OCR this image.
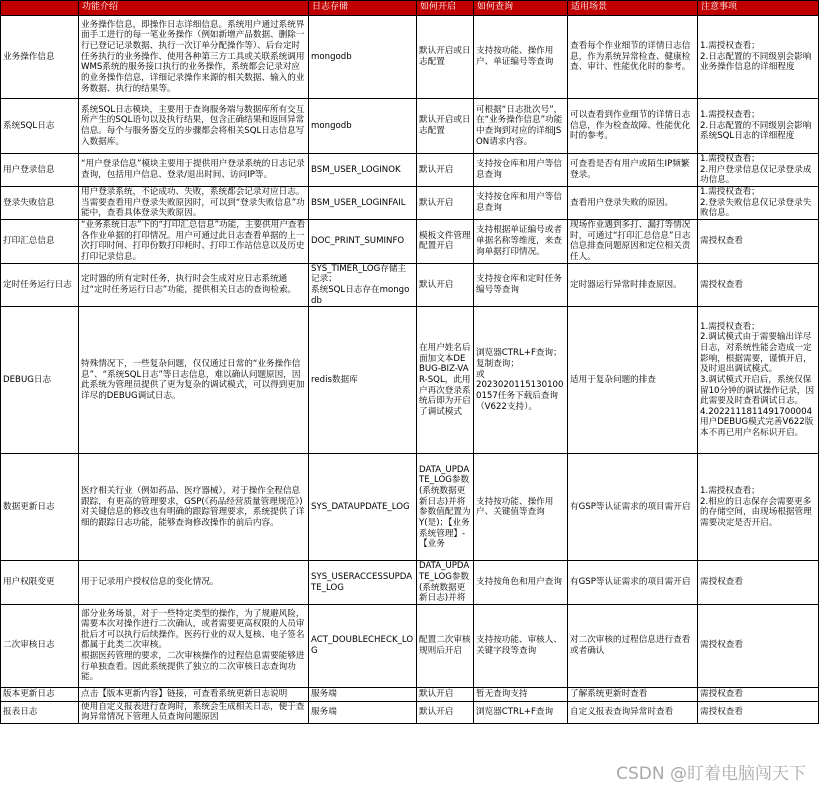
	功能介绍	日志存储	如何开启	如何查询	适用场景	注意事项
业务操作信息	业务操作信息，即操作日志详细信息。系统用户通过系统界面手工进行的每一笔业务操作（例如新增产品数据、删除一行已登记记录数据、执行一次订单分配操作等）、后台定时任务执行的业务操作、使用各种第三方工具或关联系统调用WMS系统的服务接口执行的业务操作，系统都会记录对应的业务操作信息，详细记录操作来源的相关数据、输入的业务数据、执行的结果等。	mongodb	默认开启或日志配置	支持按功能、操作用户、单证编号等查询	查看每个作业细节的详情日志信息，作为系统异常检查、健康检查、审计、性能优化时的参考。	1.需授权查看；
2.日志配置的不同级别会影响业务操作信息的详细程度
系统SQL日志	系统SQL日志模块，主要用于查询服务端与数据库所有交互所产生的SQL语句以及执行结果，包含正确结果和返回异常信息。每个与服务器交互的步骤都会将相关SQL日志信息写入数据库。	mongodb	默认开启或日志配置	可根据“日志批次号”，在“业务操作信息”功能中查询到对应的详细JSON请求内容。	可以查看到作业细节的详情日志信息，作为检查故障、性能优化时的参考。	1.需授权查看；
2.日志配置的不同级别会影响系统SQL日志的详细程度
用户登录信息	“用户登录信息”模块主要用于提供用户登录系统的日志记录查询，包括用户信息、登录/退出时间、访问IP等。	BSM_USER_LOGINOK	默认开启	支持按仓库和用户等信息查询	可查看是否有用户或陌生IP频繁登录。	1.需授权查看；
2.用户登录信息仅记录登录成功信息。
登录失败信息	用户登录系统，不论成功、失败，系统都会记录对应日志。当需要查看用户登录失败原因时，可以到“登录失败信息”功能中，查看具体登录失败原因。	BSM_USER_LOGINFAIL	默认开启	支持按仓库和用户等信息查询	查看用户登录失败的原因。	1.需授权查看；
2.登录失败信息仅记录登录失败信息。
打印汇总信息	“业务系统日志”下的“打印汇总信息”功能，主要供用户查看各作业单据的打印情况。用户可通过此日志查看单据的上一次打印时间、打印份数打印耗时、打印工作站信息以及历史打印记录信息。	DOC_PRINT_SUMINFO	模板文件管理配置开启	支持根据单证编号或者单据名称等维度，来查询单据打印情况。	现场作业遇到多打、漏打等情况时，可通过“打印汇总信息”日志信息排查问题原因和定位相关责任人。	需授权查看
定时任务运行日志	定时器的所有定时任务，执行时会生成对应日志系统通过“定时任务运行日志”功能，提供相关日志的查询检索。	SYS_TIMER_LOG存储主记录；
系统SQL日志存在mongodb	默认开启	支持按仓库和定时任务编号等查询	定时器运行异常时排查原因。	需授权查看
DEBUG日志	特殊情况下，一些复杂问题，仅仅通过日常的“业务操作信息”、“系统SQL日志”等日志信息，难以确认问题原因，因此系统为管理员提供了更为复杂的调试模式，可以得到更加详尽的DEBUG调试日志。	redis数据库	在用户姓名后面加文本DEBUG-BIZ-VAR-SQL，此用户再次登录系统后即为开启了调试模式	浏览器CTRL+F查询；
复制查询；
或
20230201151301000157任务下载后查询（V622支持）。	适用于复杂问题的排查	1.需授权查看；
2.调试模式由于需要输出详尽日志，对系统性能会造成一定影响，根据需要，谨慎开启，及时退出调试模式。
3.调试模式开启后，系统仅保留10分钟的调试操作记录，因此需要及时查看调试日志。
4.2022111811491700004用户DEBUG模式完善V622版本不再已用户名标识开启。
数据更新日志	医疗相关行业（例如药品、医疗器械），对于操作全程信息跟踪，有更高的管理要求，GSP(《药品经营质量管理规范》)对关键信息的修改也有明确的跟踪管理要求，系统提供了详细的跟踪日志功能，能够查询修改操作的前后内容。	SYS_DATAUPDATE_LOG	DATA_UPDATE_LOG参数(系统数据更新日志)并将参数值配置为Y(是)；【业务系统管理】-【业务	支持按功能、操作用户、关键值等查询	有GSP等认证需求的项目需开启	1.需授权查看；
2.相应的日志保存会需要更多的存储空间，由现场根据管理需要决定是否开启。
用户权限变更	用于记录用户授权信息的变化情况。	SYS_USERACCESSUPDATE_LOG	DATA_UPDATE_LOG参数(系统数据更新日志)并将	支持按角色和用户查询	有GSP等认证需求的项目需开启	需授权查看
二次审核日志	部分业务场景，对于一些特定类型的操作，为了规避风险，需要本次对操作进行二次确认，或者需要更高权限的人员审批后才可以执行后续操作。医药行业的双人复核、电子签名都属于此类二次审核。
根据医药管理的要求，二次审核操作的过程信息需要能够进行单独查看。因此系统提供了独立的二次审核日志查询功能。	ACT_DOUBLECHECK_LOG	配置二次审核规则后开启	支持按功能、审核人、关键字段等查询	对二次审核的过程信息进行查看或者确认	需授权查看
版本更新日志	点击【版本更新内容】链接，可查看系统更新日志说明	服务端	默认开启	暂无查询支持	了解系统更新时查看	需授权查看
报表日志	使用自定义报表进行查询时，系统会生成相关日志，便于查询异常情况下管理人员查询问题原因	服务端	默认开启	浏览器CTRL+F查询	自定义报表查询异常时查看	需授权查看
CSDN @盯着电脑闯天下
